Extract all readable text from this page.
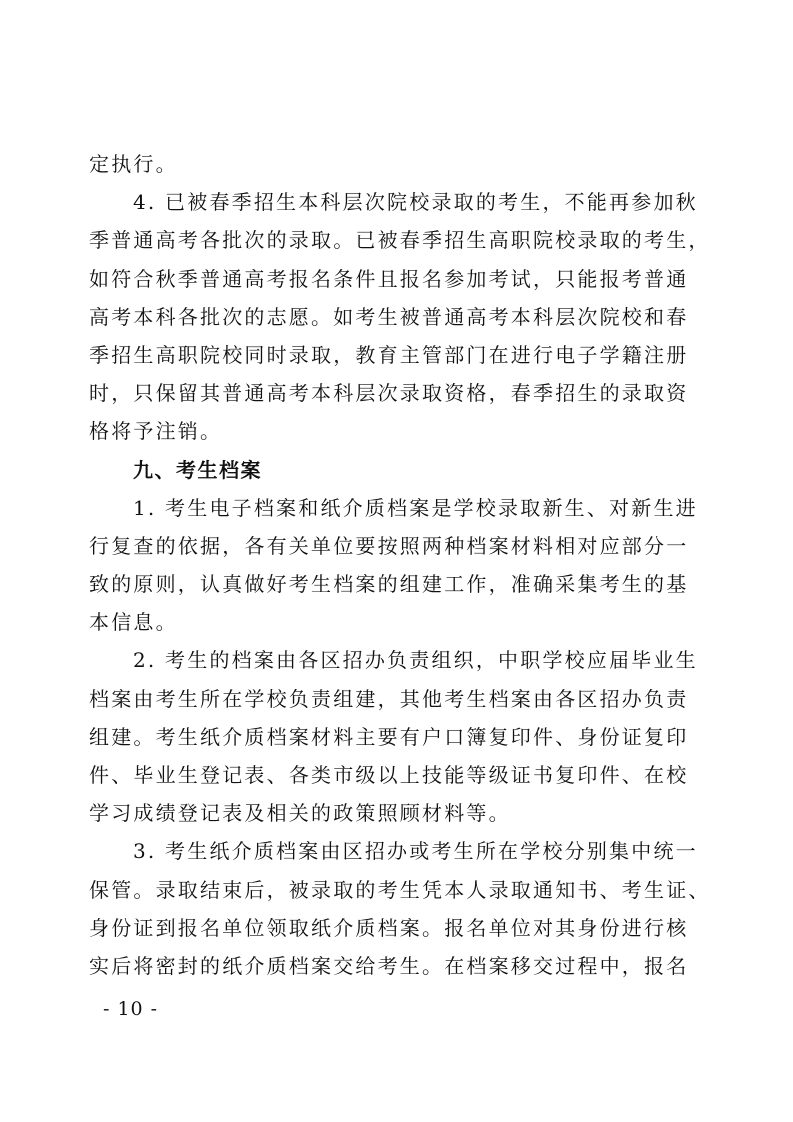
定执行。
4. 已被春季招生本科层次院校录取的考生，不能再参加秋
季普通高考各批次的录取。已被春季招生高职院校录取的考生，
如符合秋季普通高考报名条件且报名参加考试，只能报考普通
高考本科各批次的志愿。如考生被普通高考本科层次院校和春
季招生高职院校同时录取，教育主管部门在进行电子学籍注册
时，只保留其普通高考本科层次录取资格，春季招生的录取资
格将予注销。
九、考生档案
1. 考生电子档案和纸介质档案是学校录取新生、对新生进
行复查的依据，各有关单位要按照两种档案材料相对应部分一
致的原则，认真做好考生档案的组建工作，准确采集考生的基
本信息。
2. 考生的档案由各区招办负责组织，中职学校应届毕业生
档案由考生所在学校负责组建，其他考生档案由各区招办负责
组建。考生纸介质档案材料主要有户口簿复印件、身份证复印
件、毕业生登记表、各类市级以上技能等级证书复印件、在校
学习成绩登记表及相关的政策照顾材料等。
3. 考生纸介质档案由区招办或考生所在学校分别集中统一
保管。录取结束后，被录取的考生凭本人录取通知书、考生证、
身份证到报名单位领取纸介质档案。报名单位对其身份进行核
实后将密封的纸介质档案交给考生。在档案移交过程中，报名
- 10 -
